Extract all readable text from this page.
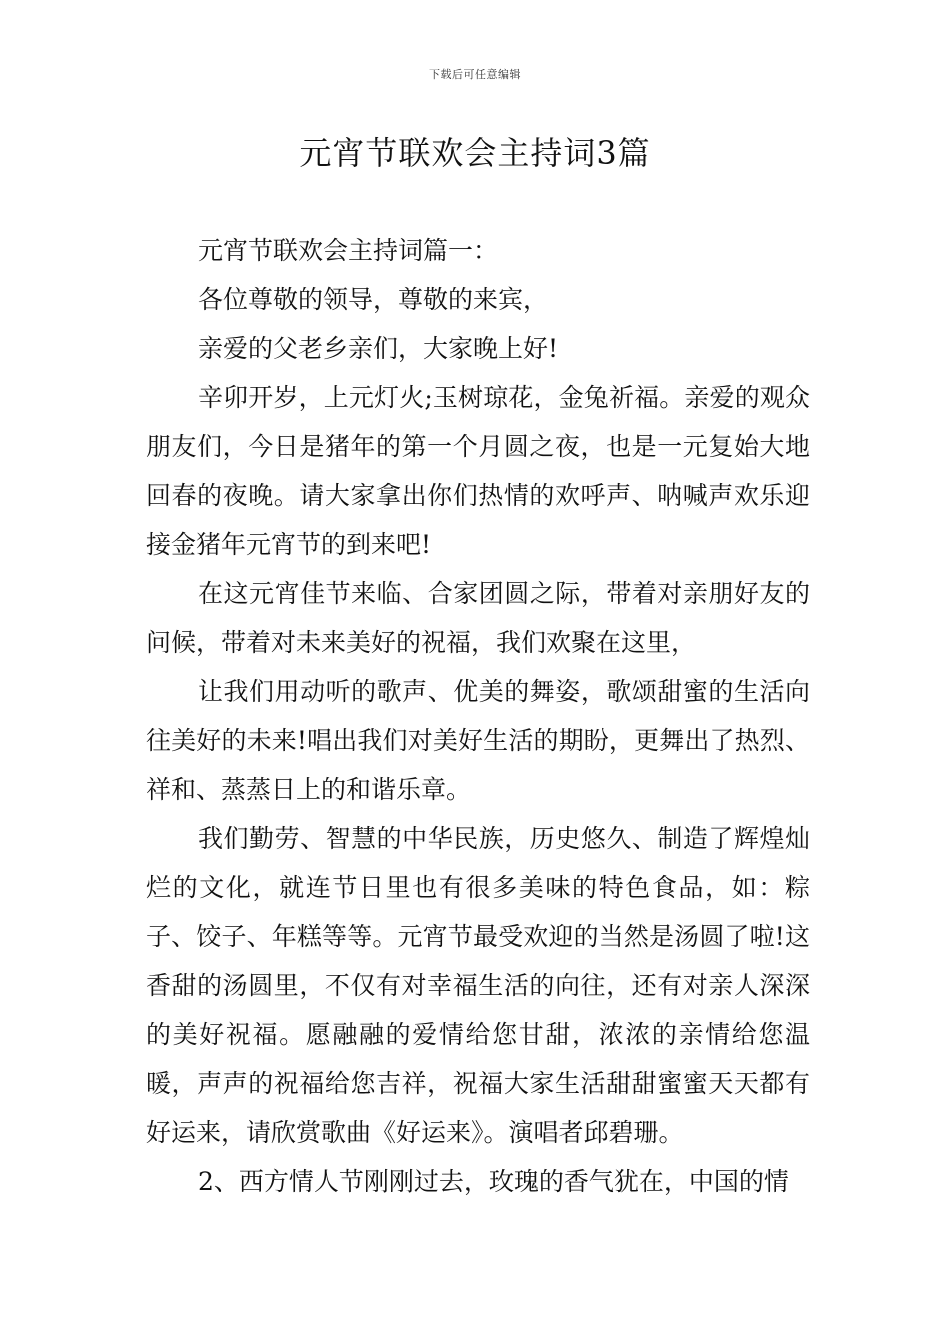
下载后可任意编辑
元宵节联欢会主持词3篇

元宵节联欢会主持词篇一：

各位尊敬的领导，尊敬的来宾，

亲爱的父老乡亲们，大家晚上好!

辛卯开岁，上元灯火;玉树琼花，金兔祈福。亲爱的观众朋友们，今日是猪年的第一个月圆之夜，也是一元复始大地回春的夜晚。请大家拿出你们热情的欢呼声、呐喊声欢乐迎接金猪年元宵节的到来吧!

在这元宵佳节来临、合家团圆之际，带着对亲朋好友的问候，带着对未来美好的祝福，我们欢聚在这里，

让我们用动听的歌声、优美的舞姿，歌颂甜蜜的生活向往美好的未来!唱出我们对美好生活的期盼，更舞出了热烈、祥和、蒸蒸日上的和谐乐章。

我们勤劳、智慧的中华民族，历史悠久、制造了辉煌灿烂的文化，就连节日里也有很多美味的特色食品，如：粽子、饺子、年糕等等。元宵节最受欢迎的当然是汤圆了啦!这香甜的汤圆里，不仅有对幸福生活的向往，还有对亲人深深的美好祝福。愿融融的爱情给您甘甜，浓浓的亲情给您温暖，声声的祝福给您吉祥，祝福大家生活甜甜蜜蜜天天都有好运来，请欣赏歌曲《好运来》。演唱者邱碧珊。

2、西方情人节刚刚过去，玫瑰的香气犹在，中国的情
